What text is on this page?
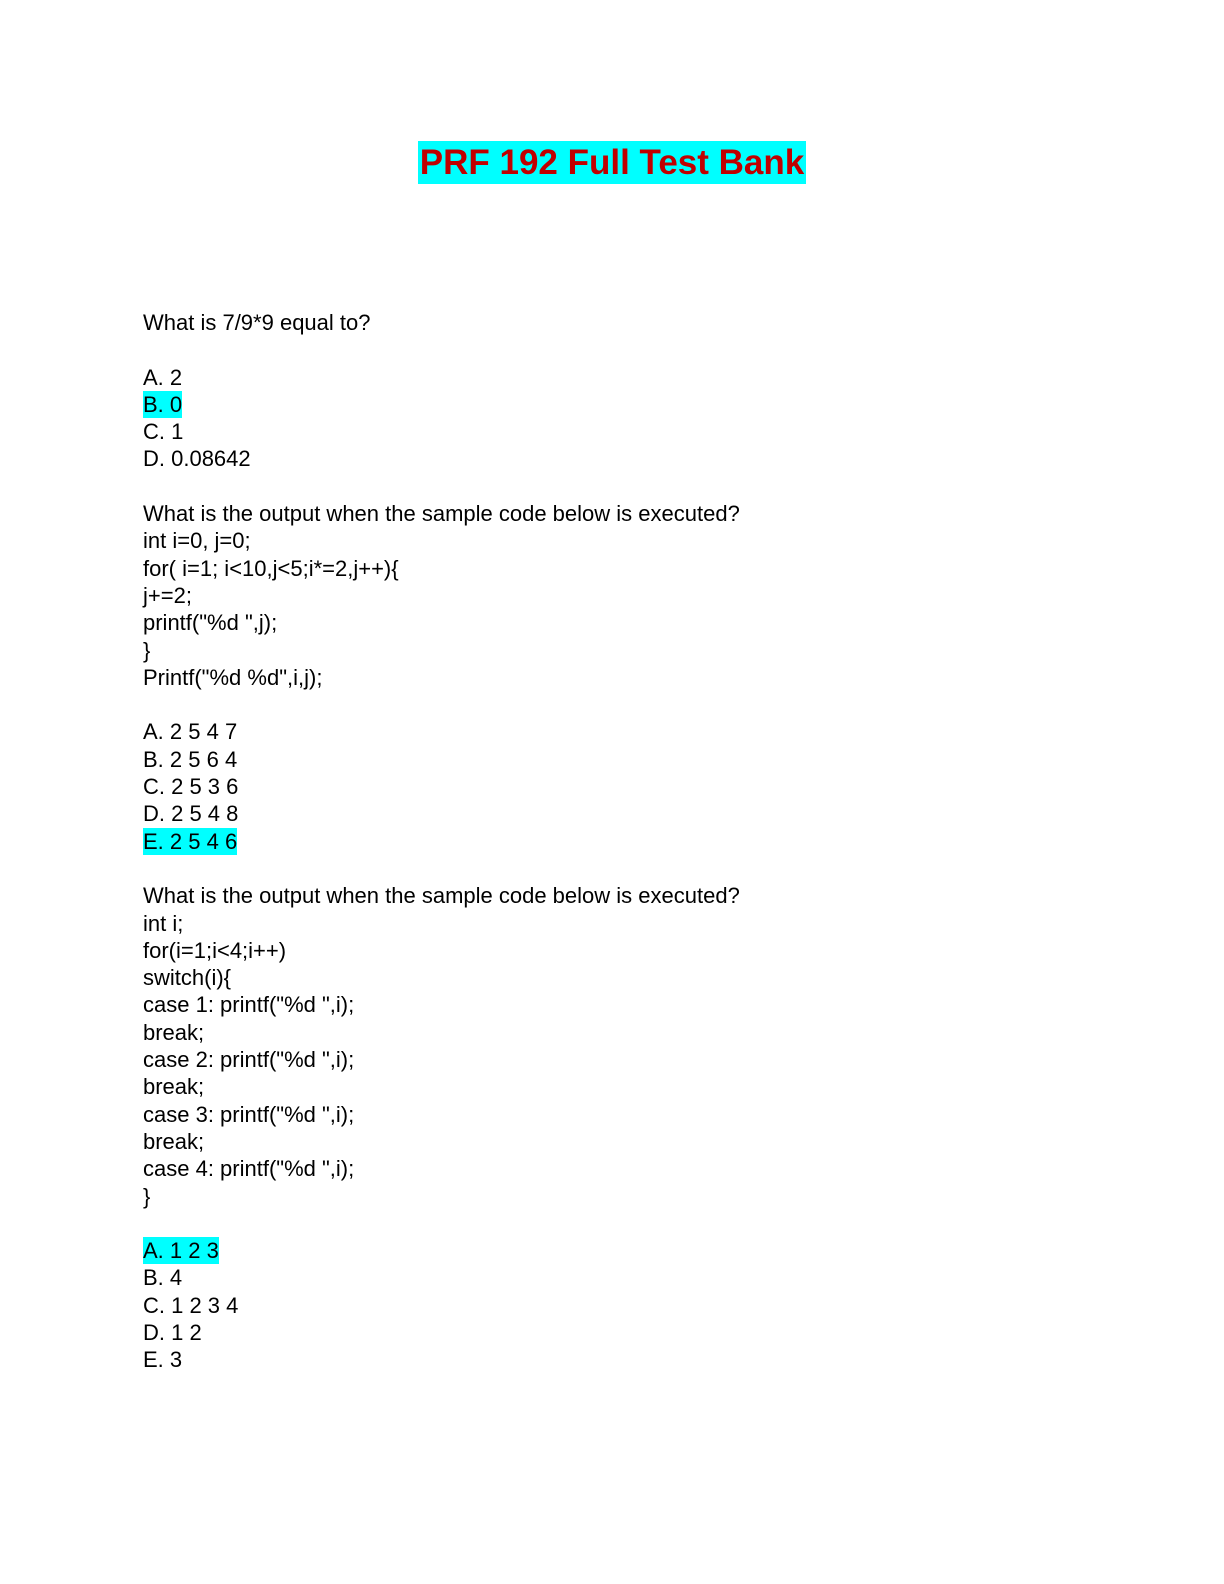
PRF 192 Full Test Bank
What is 7/9*9 equal to?
A. 2
B. 0
C. 1
D. 0.08642
What is the output when the sample code below is executed?
int i=0, j=0;
for( i=1; i<10,j<5;i*=2,j++){
j+=2;
printf("%d ",j);
}
Printf("%d %d",i,j);
A. 2 5 4 7
B. 2 5 6 4
C. 2 5 3 6
D. 2 5 4 8
E. 2 5 4 6
What is the output when the sample code below is executed?
int i;
for(i=1;i<4;i++)
switch(i){
case 1: printf("%d ",i);
break;
case 2: printf("%d ",i);
break;
case 3: printf("%d ",i);
break;
case 4: printf("%d ",i);
}
A. 1 2 3
B. 4
C. 1 2 3 4
D. 1 2
E. 3
